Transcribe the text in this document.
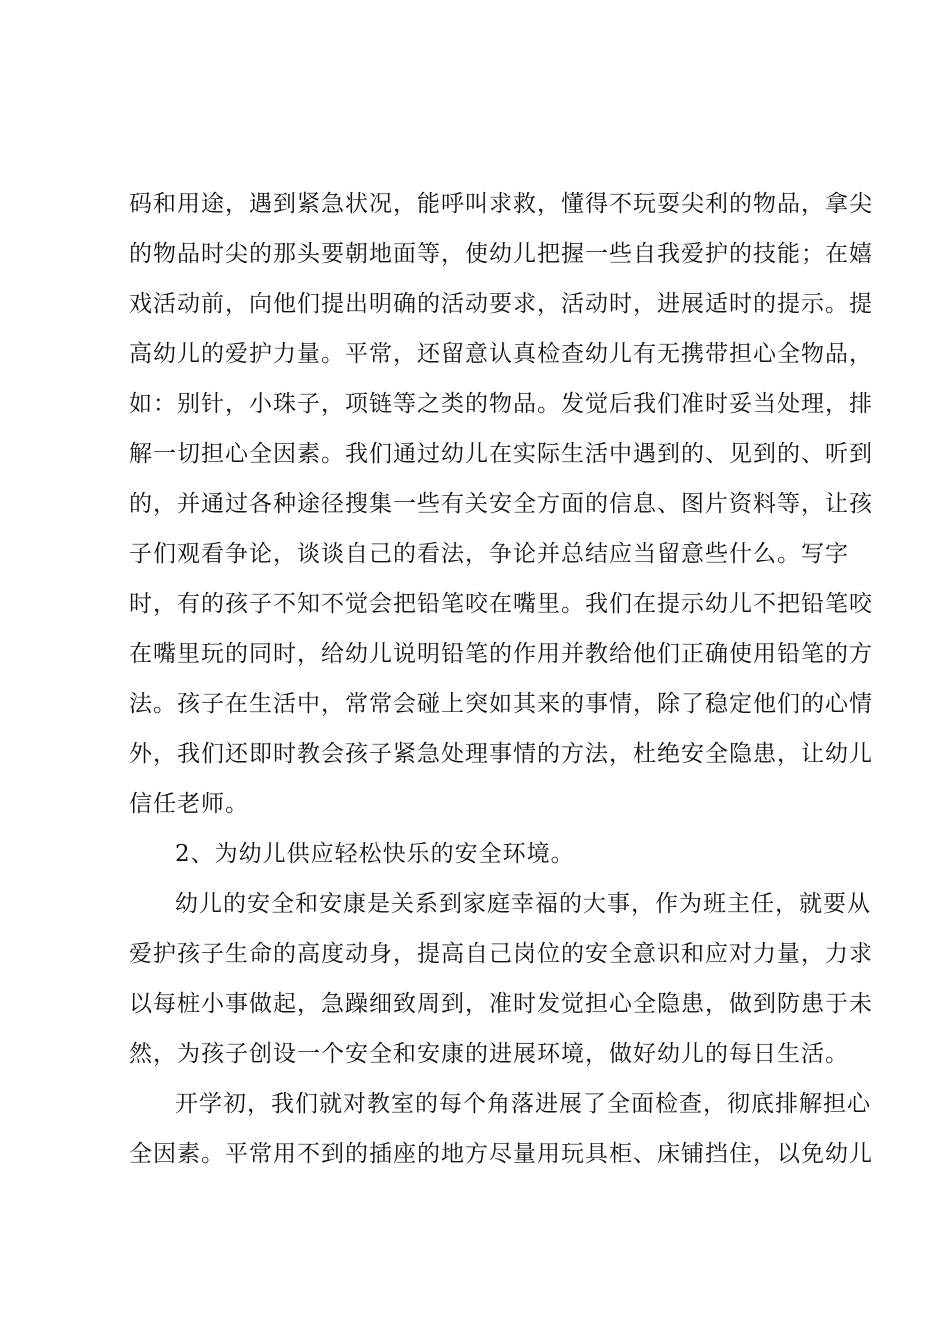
码和用途，遇到紧急状况，能呼叫求救，懂得不玩耍尖利的物品，拿尖
的物品时尖的那头要朝地面等，使幼儿把握一些自我爱护的技能；在嬉
戏活动前，向他们提出明确的活动要求，活动时，进展适时的提示。提
高幼儿的爱护力量。平常，还留意认真检查幼儿有无携带担心全物品，
如：别针，小珠子，项链等之类的物品。发觉后我们准时妥当处理，排
解一切担心全因素。我们通过幼儿在实际生活中遇到的、见到的、听到
的，并通过各种途径搜集一些有关安全方面的信息、图片资料等，让孩
子们观看争论，谈谈自己的看法，争论并总结应当留意些什么。写字
时，有的孩子不知不觉会把铅笔咬在嘴里。我们在提示幼儿不把铅笔咬
在嘴里玩的同时，给幼儿说明铅笔的作用并教给他们正确使用铅笔的方
法。孩子在生活中，常常会碰上突如其来的事情，除了稳定他们的心情
外，我们还即时教会孩子紧急处理事情的方法，杜绝安全隐患，让幼儿
信任老师。
2、为幼儿供应轻松快乐的安全环境。
幼儿的安全和安康是关系到家庭幸福的大事，作为班主任，就要从
爱护孩子生命的高度动身，提高自己岗位的安全意识和应对力量，力求
以每桩小事做起，急躁细致周到，准时发觉担心全隐患，做到防患于未
然，为孩子创设一个安全和安康的进展环境，做好幼儿的每日生活。
开学初，我们就对教室的每个角落进展了全面检查，彻底排解担心
全因素。平常用不到的插座的地方尽量用玩具柜、床铺挡住，以免幼儿
